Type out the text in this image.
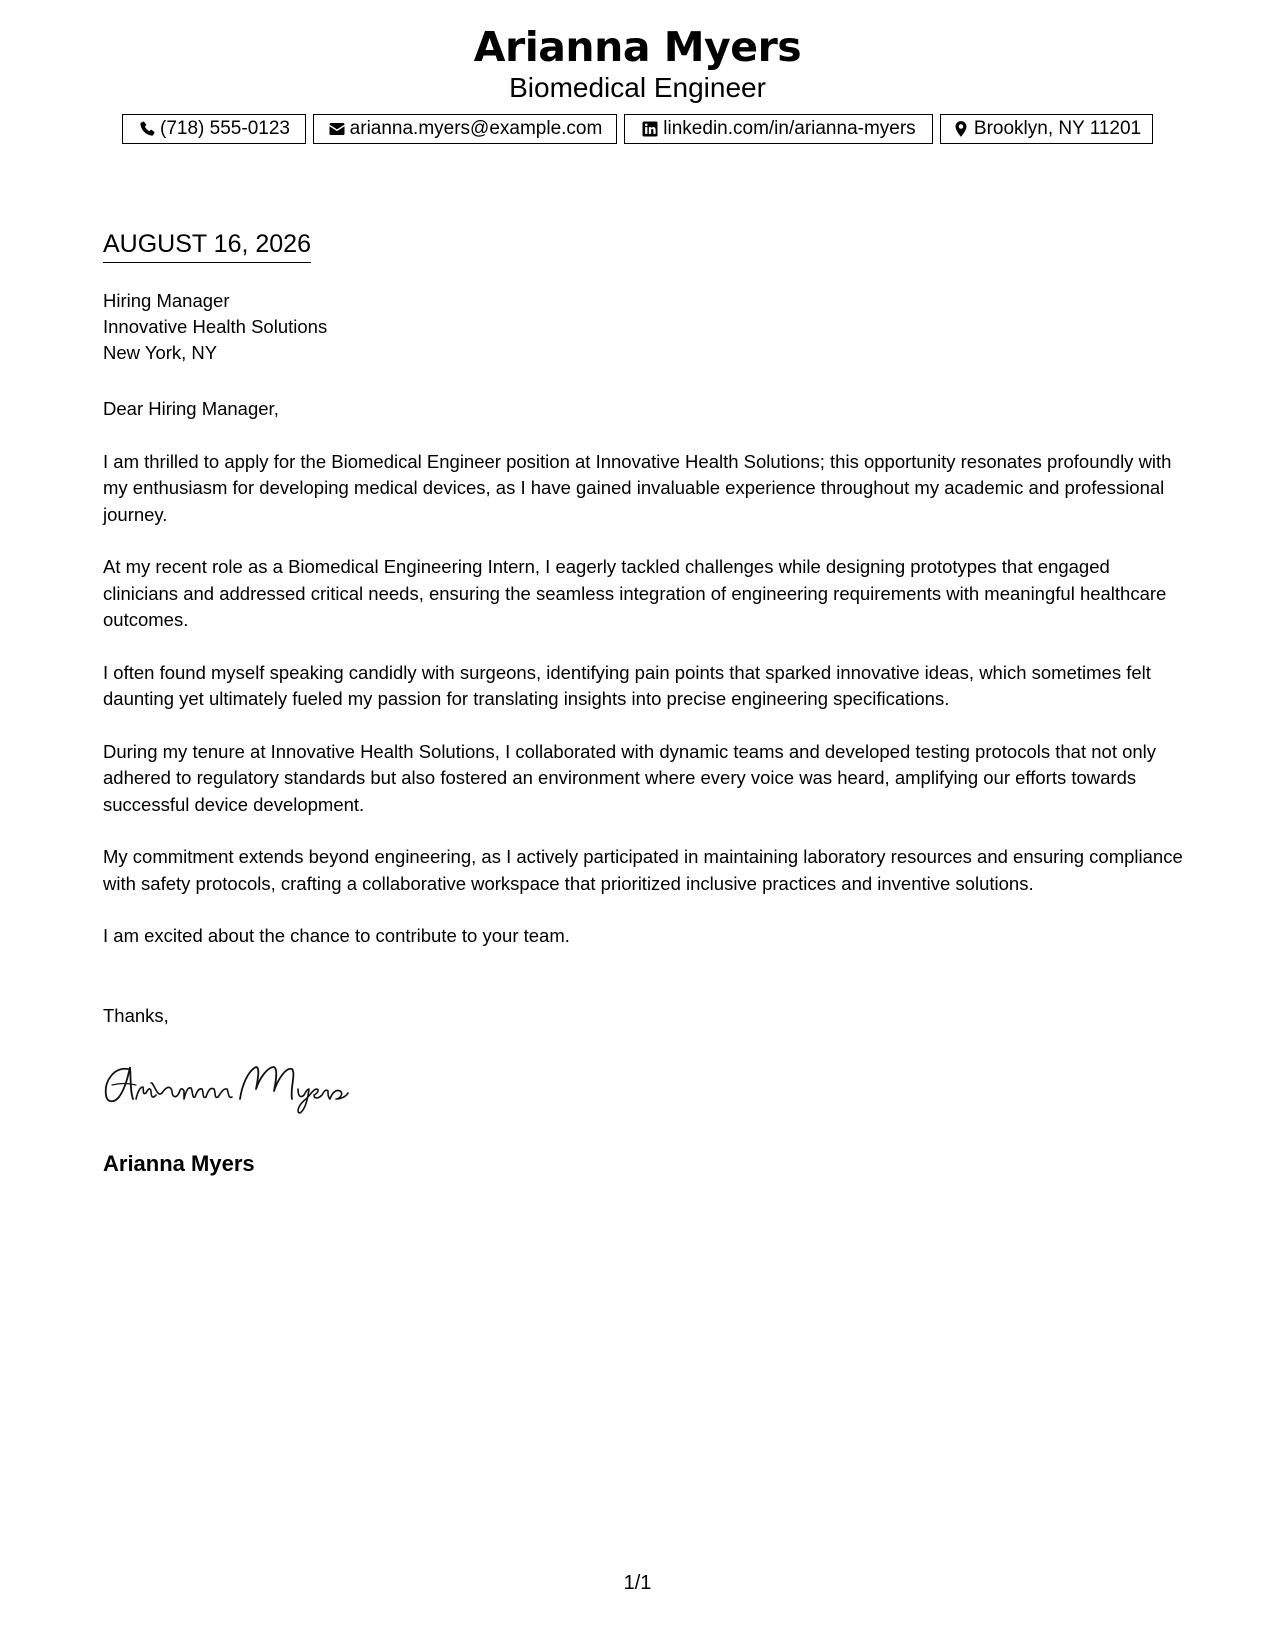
Arianna Myers
Biomedical Engineer
(718) 555-0123	arianna.myers@example.com	linkedin.com/in/arianna-myers	Brooklyn, NY 11201
AUGUST 16, 2026
Hiring Manager
Innovative Health Solutions
New York, NY

Dear Hiring Manager,

I am thrilled to apply for the Biomedical Engineer position at Innovative Health Solutions; this opportunity resonates profoundly with my enthusiasm for developing medical devices, as I have gained invaluable experience throughout my academic and professional journey.

At my recent role as a Biomedical Engineering Intern, I eagerly tackled challenges while designing prototypes that engaged clinicians and addressed critical needs, ensuring the seamless integration of engineering requirements with meaningful healthcare outcomes.

I often found myself speaking candidly with surgeons, identifying pain points that sparked innovative ideas, which sometimes felt daunting yet ultimately fueled my passion for translating insights into precise engineering specifications.

During my tenure at Innovative Health Solutions, I collaborated with dynamic teams and developed testing protocols that not only adhered to regulatory standards but also fostered an environment where every voice was heard, amplifying our efforts towards successful device development.

My commitment extends beyond engineering, as I actively participated in maintaining laboratory resources and ensuring compliance with safety protocols, crafting a collaborative workspace that prioritized inclusive practices and inventive solutions.

I am excited about the chance to contribute to your team.

Thanks,
Arianna Myers
1/1
